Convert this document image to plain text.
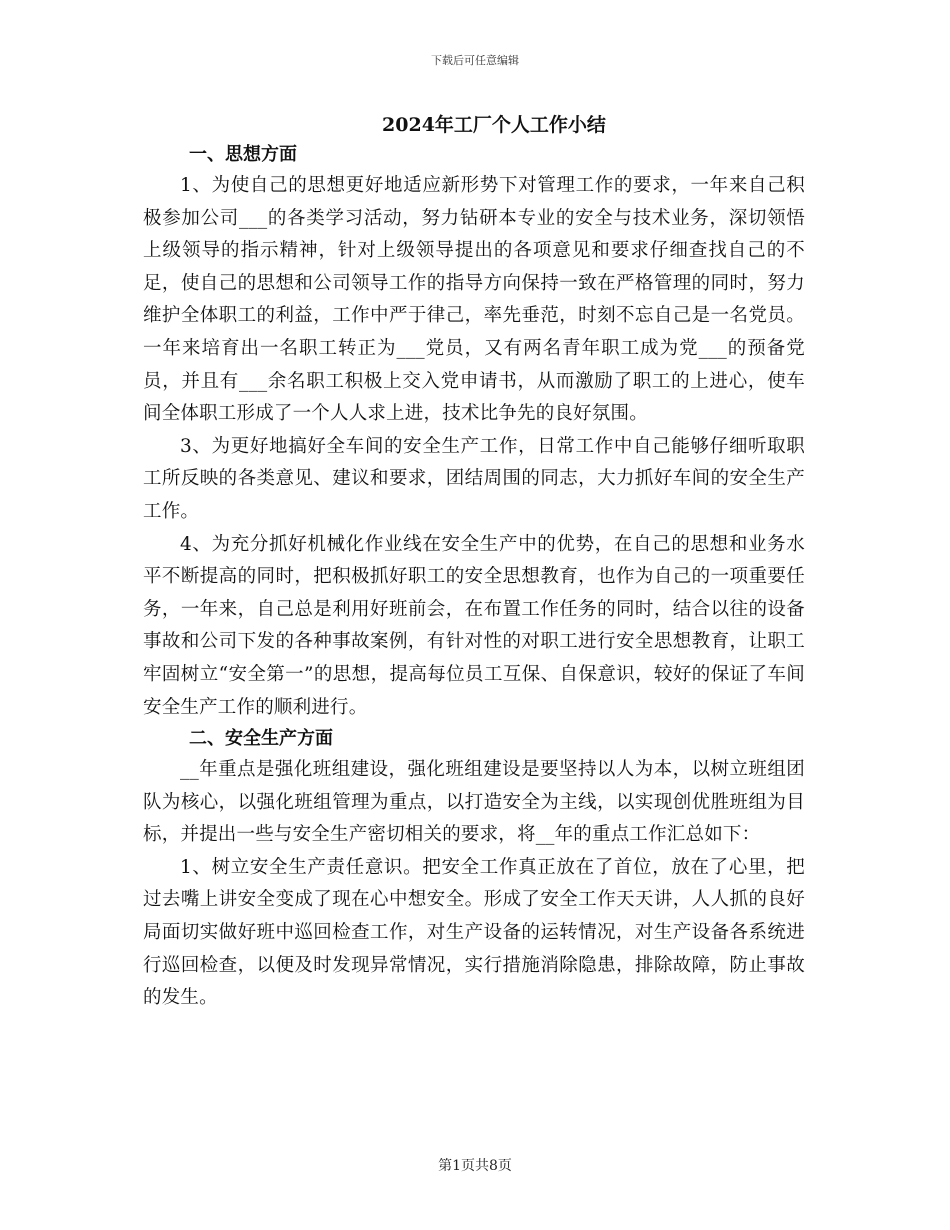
下载后可任意编辑
2024年工厂个人工作小结
一、思想方面

1、为使自己的思想更好地适应新形势下对管理工作的要求，一年来自己积极参加公司___的各类学习活动，努力钻研本专业的安全与技术业务，深切领悟上级领导的指示精神，针对上级领导提出的各项意见和要求仔细查找自己的不足，使自己的思想和公司领导工作的指导方向保持一致在严格管理的同时，努力维护全体职工的利益，工作中严于律己，率先垂范，时刻不忘自己是一名党员。一年来培育出一名职工转正为___党员，又有两名青年职工成为党___的预备党员，并且有___余名职工积极上交入党申请书，从而激励了职工的上进心，使车间全体职工形成了一个人人求上进，技术比争先的良好氛围。

3、为更好地搞好全车间的安全生产工作，日常工作中自己能够仔细听取职工所反映的各类意见、建议和要求，团结周围的同志，大力抓好车间的安全生产工作。

4、为充分抓好机械化作业线在安全生产中的优势，在自己的思想和业务水平不断提高的同时，把积极抓好职工的安全思想教育，也作为自己的一项重要任务，一年来，自己总是利用好班前会，在布置工作任务的同时，结合以往的设备事故和公司下发的各种事故案例，有针对性的对职工进行安全思想教育，让职工牢固树立“安全第一”的思想，提高每位员工互保、自保意识，较好的保证了车间安全生产工作的顺利进行。

二、安全生产方面

__年重点是强化班组建设，强化班组建设是要坚持以人为本，以树立班组团队为核心，以强化班组管理为重点，以打造安全为主线，以实现创优胜班组为目标，并提出一些与安全生产密切相关的要求，将__年的重点工作汇总如下：

1、树立安全生产责任意识。把安全工作真正放在了首位，放在了心里，把过去嘴上讲安全变成了现在心中想安全。形成了安全工作天天讲，人人抓的良好局面切实做好班中巡回检查工作，对生产设备的运转情况，对生产设备各系统进行巡回检查，以便及时发现异常情况，实行措施消除隐患，排除故障，防止事故的发生。

第1页共8页
